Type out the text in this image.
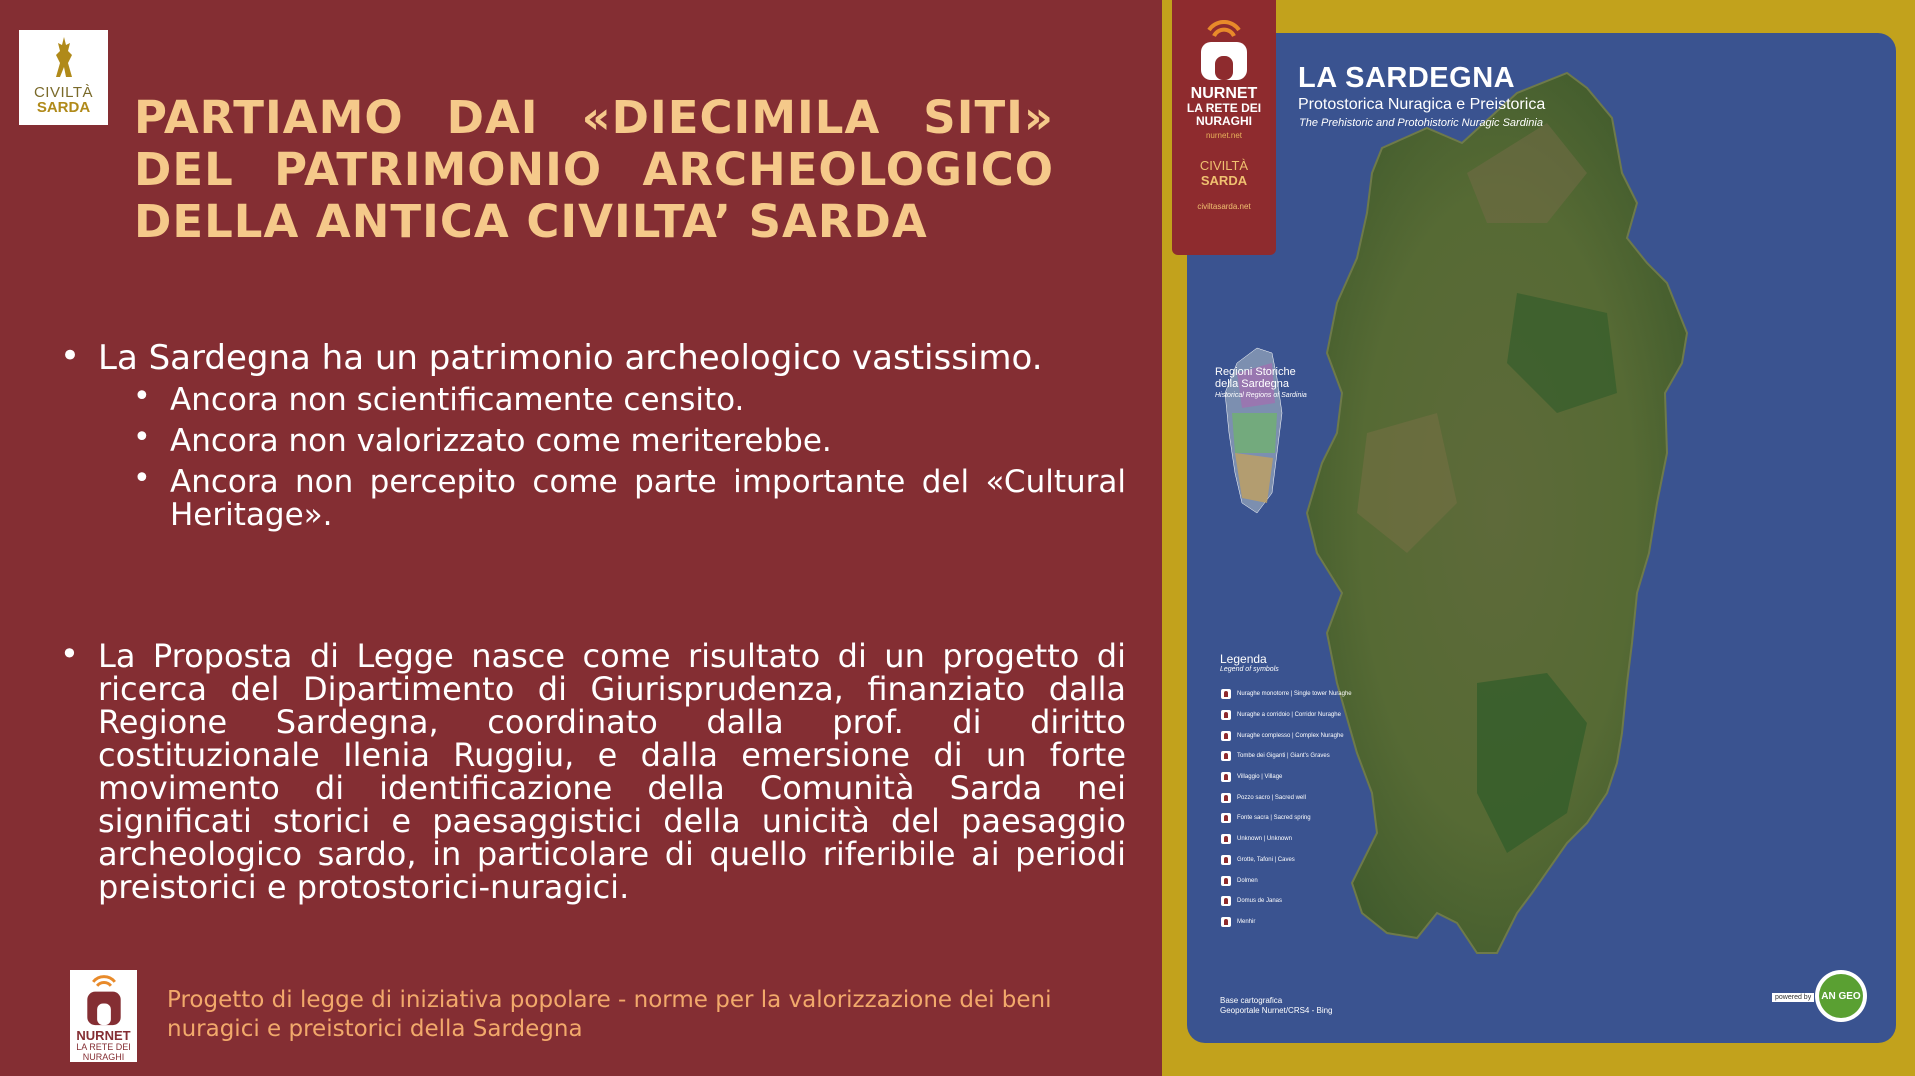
CIVILTÀ
SARDA PARTIAMO DAI «DIECIMILA SITI»
DEL PATRIMONIO ARCHEOLOGICO
DELLA ANTICA CIVILTA’ SARDA
• La Sardegna ha un patrimonio archeologico vastissimo.
• Ancora non scientificamente censito.
• Ancora non valorizzato come meriterebbe.
• Ancora non percepito come parte importante del «Cultural Heritage».
• La Proposta di Legge nasce come risultato di un progetto di ricerca del Dipartimento di Giurisprudenza, finanziato dalla Regione Sardegna, coordinato dalla prof. di diritto costituzionale Ilenia Ruggiu, e dalla emersione di un forte movimento di identificazione della Comunità Sarda nei significati storici e paesaggistici della unicità del paesaggio archeologico sardo, in particolare di quello riferibile ai periodi preistorici e protostorici-nuragici.
NURNET
LA RETE DEI NURAGHI
Progetto di legge di iniziativa popolare - norme per la valorizzazione dei beni nuragici e preistorici della Sardegna
NURNET
LA RETE DEI NURAGHI
nurnet.net
CIVILTÀ
SARDA
civiltasarda.net
LA SARDEGNA
Protostorica Nuragica e Preistorica
The Prehistoric and Protohistoric Nuragic Sardinia
Regioni Storiche della Sardegna
Historical Regions of Sardinia
Legenda
Legend of symbols
Nuraghe monotorre | Single tower Nuraghe
Nuraghe a corridoio | Corridor Nuraghe
Nuraghe complesso | Complex Nuraghe
Tombe dei Giganti | Giant's Graves
Villaggio | Village
Pozzo sacro | Sacred well
Fonte sacra | Sacred spring
Unknown | Unknown
Grotte, Tafoni | Caves
Dolmen
Domus de Janas
Menhir
Base cartografica
Geoportale Nurnet/CRS4 - Bing
powered by	AN GEO
